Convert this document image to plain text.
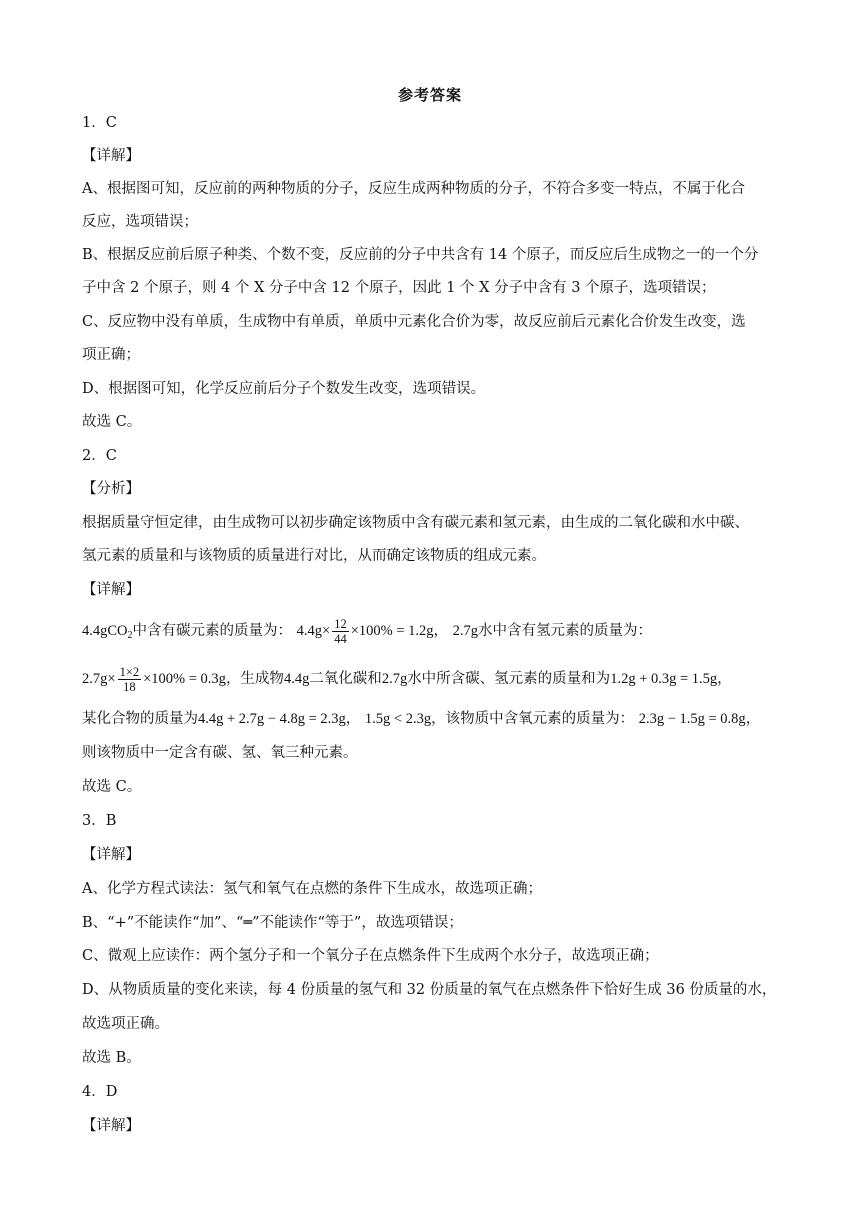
参考答案
1．C
【详解】
A、根据图可知，反应前的两种物质的分子，反应生成两种物质的分子，不符合多变一特点，不属于化合
反应，选项错误；
B、根据反应前后原子种类、个数不变，反应前的分子中共含有 14 个原子，而反应后生成物之一的一个分
子中含 2 个原子，则 4 个 X 分子中含 12 个原子，因此 1 个 X 分子中含有 3 个原子，选项错误；
C、反应物中没有单质，生成物中有单质，单质中元素化合价为零，故反应前后元素化合价发生改变，选
项正确；
D、根据图可知，化学反应前后分子个数发生改变，选项错误。
故选 C。
2．C
【分析】
根据质量守恒定律，由生成物可以初步确定该物质中含有碳元素和氢元素，由生成的二氧化碳和水中碳、
氢元素的质量和与该物质的质量进行对比，从而确定该物质的组成元素。
【详解】
4.4gCO$_2$中含有碳元素的质量为： $4.4g\times \frac{12}{44} \times 100\% = 1.2g$， 2.7g水中含有氢元素的质量为：
$2.7g\times \frac{1\times 2}{18} \times 100\% = 0.3g$，生成物4.4g二氧化碳和2.7g水中所含碳、氢元素的质量和为1.2g + 0.3g = 1.5g，
某化合物的质量为4.4g + 2.7g − 4.8g = 2.3g， 1.5g < 2.3g，该物质中含氧元素的质量为： 2.3g − 1.5g = 0.8g，
则该物质中一定含有碳、氢、氧三种元素。
故选 C。
3．B
【详解】
A、化学方程式读法：氢气和氧气在点燃的条件下生成水，故选项正确；
B、“+”不能读作“加”、“═”不能读作“等于”，故选项错误；
C、微观上应读作：两个氢分子和一个氧分子在点燃条件下生成两个水分子，故选项正确；
D、从物质质量的变化来读，每 4 份质量的氢气和 32 份质量的氧气在点燃条件下恰好生成 36 份质量的水，
故选项正确。
故选 B。
4．D
【详解】
